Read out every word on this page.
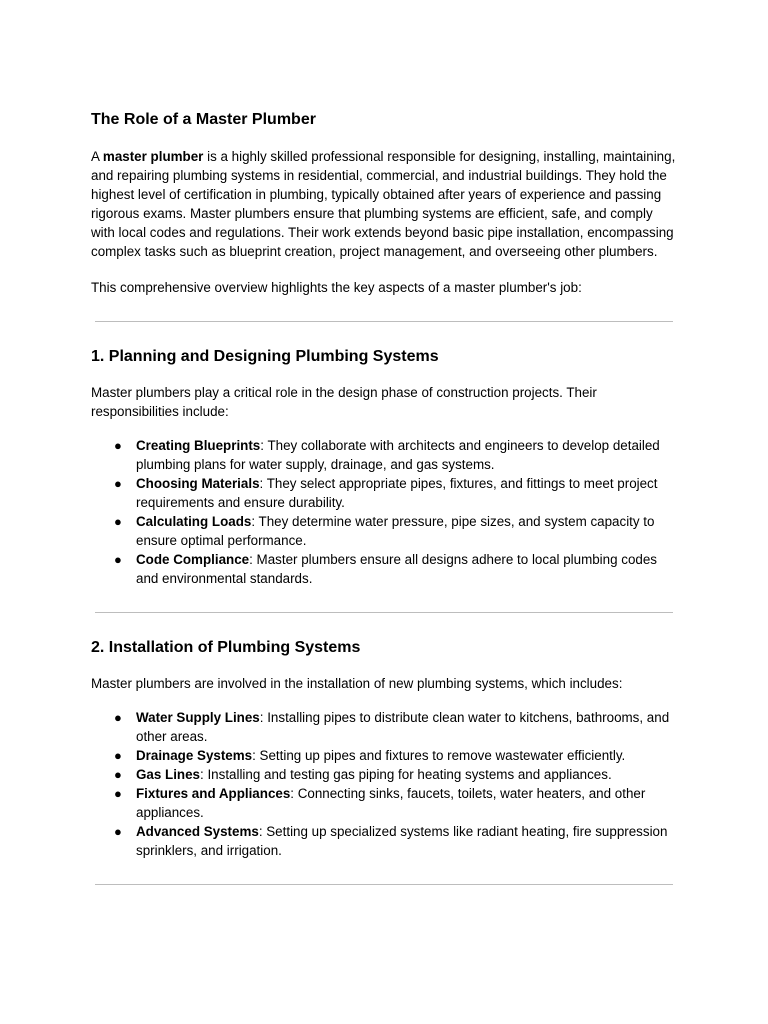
The Role of a Master Plumber

A master plumber is a highly skilled professional responsible for designing, installing, maintaining, and repairing plumbing systems in residential, commercial, and industrial buildings. They hold the highest level of certification in plumbing, typically obtained after years of experience and passing rigorous exams. Master plumbers ensure that plumbing systems are efficient, safe, and comply with local codes and regulations. Their work extends beyond basic pipe installation, encompassing complex tasks such as blueprint creation, project management, and overseeing other plumbers.

This comprehensive overview highlights the key aspects of a master plumber's job:

1. Planning and Designing Plumbing Systems

Master plumbers play a critical role in the design phase of construction projects. Their responsibilities include:

● Creating Blueprints: They collaborate with architects and engineers to develop detailed plumbing plans for water supply, drainage, and gas systems.
● Choosing Materials: They select appropriate pipes, fixtures, and fittings to meet project requirements and ensure durability.
● Calculating Loads: They determine water pressure, pipe sizes, and system capacity to ensure optimal performance.
● Code Compliance: Master plumbers ensure all designs adhere to local plumbing codes and environmental standards.
2. Installation of Plumbing Systems

Master plumbers are involved in the installation of new plumbing systems, which includes:

● Water Supply Lines: Installing pipes to distribute clean water to kitchens, bathrooms, and other areas.
● Drainage Systems: Setting up pipes and fixtures to remove wastewater efficiently.
● Gas Lines: Installing and testing gas piping for heating systems and appliances.
● Fixtures and Appliances: Connecting sinks, faucets, toilets, water heaters, and other appliances.
● Advanced Systems: Setting up specialized systems like radiant heating, fire suppression sprinklers, and irrigation.
